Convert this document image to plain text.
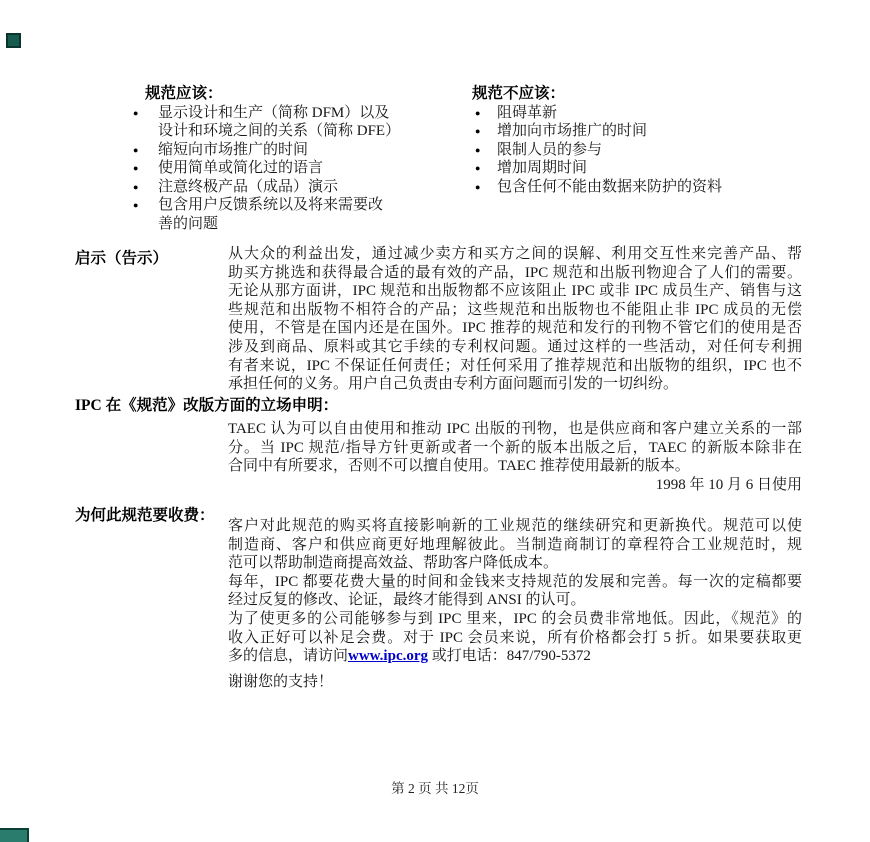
规范应该：
●	显示设计和生产（简称 DFM）以及
设计和环境之间的关系（简称 DFE）
●	缩短向市场推广的时间
●	使用简单或简化过的语言
●	注意终极产品（成品）演示
●	包含用户反馈系统以及将来需要改
善的问题
规范不应该：
●	阻碍革新
●	增加向市场推广的时间
●	限制人员的参与
●	增加周期时间
●	包含任何不能由数据来防护的资料
启示（告示）	从大众的利益出发，通过减少卖方和买方之间的误解、利用交互性来完善产品、帮
助买方挑选和获得最合适的最有效的产品，IPC 规范和出版刊物迎合了人们的需要。
无论从那方面讲，IPC 规范和出版物都不应该阻止 IPC 或非 IPC 成员生产、销售与这
些规范和出版物不相符合的产品；这些规范和出版物也不能阻止非 IPC 成员的无偿
使用，不管是在国内还是在国外。IPC 推荐的规范和发行的刊物不管它们的使用是否
涉及到商品、原料或其它手续的专利权问题。通过这样的一些活动，对任何专利拥
有者来说，IPC 不保证任何责任；对任何采用了推荐规范和出版物的组织，IPC 也不
承担任何的义务。用户自己负责由专利方面问题而引发的一切纠纷。
IPC 在《规范》改版方面的立场申明：
TAEC 认为可以自由使用和推动 IPC 出版的刊物，也是供应商和客户建立关系的一部
分。当 IPC 规范/指导方针更新或者一个新的版本出版之后，TAEC 的新版本除非在
合同中有所要求，否则不可以擅自使用。TAEC 推荐使用最新的版本。
1998 年 10 月 6 日使用
为何此规范要收费：
客户对此规范的购买将直接影响新的工业规范的继续研究和更新换代。规范可以使
制造商、客户和供应商更好地理解彼此。当制造商制订的章程符合工业规范时，规
范可以帮助制造商提高效益、帮助客户降低成本。
每年，IPC 都要花费大量的时间和金钱来支持规范的发展和完善。每一次的定稿都要
经过反复的修改、论证，最终才能得到 ANSI 的认可。
为了使更多的公司能够参与到 IPC 里来，IPC 的会员费非常地低。因此，《规范》的
收入正好可以补足会费。对于 IPC 会员来说，所有价格都会打 5 折。如果要获取更
多的信息，请访问www.ipc.org 或打电话：847/790-5372
谢谢您的支持！
第 2 页 共 12页
